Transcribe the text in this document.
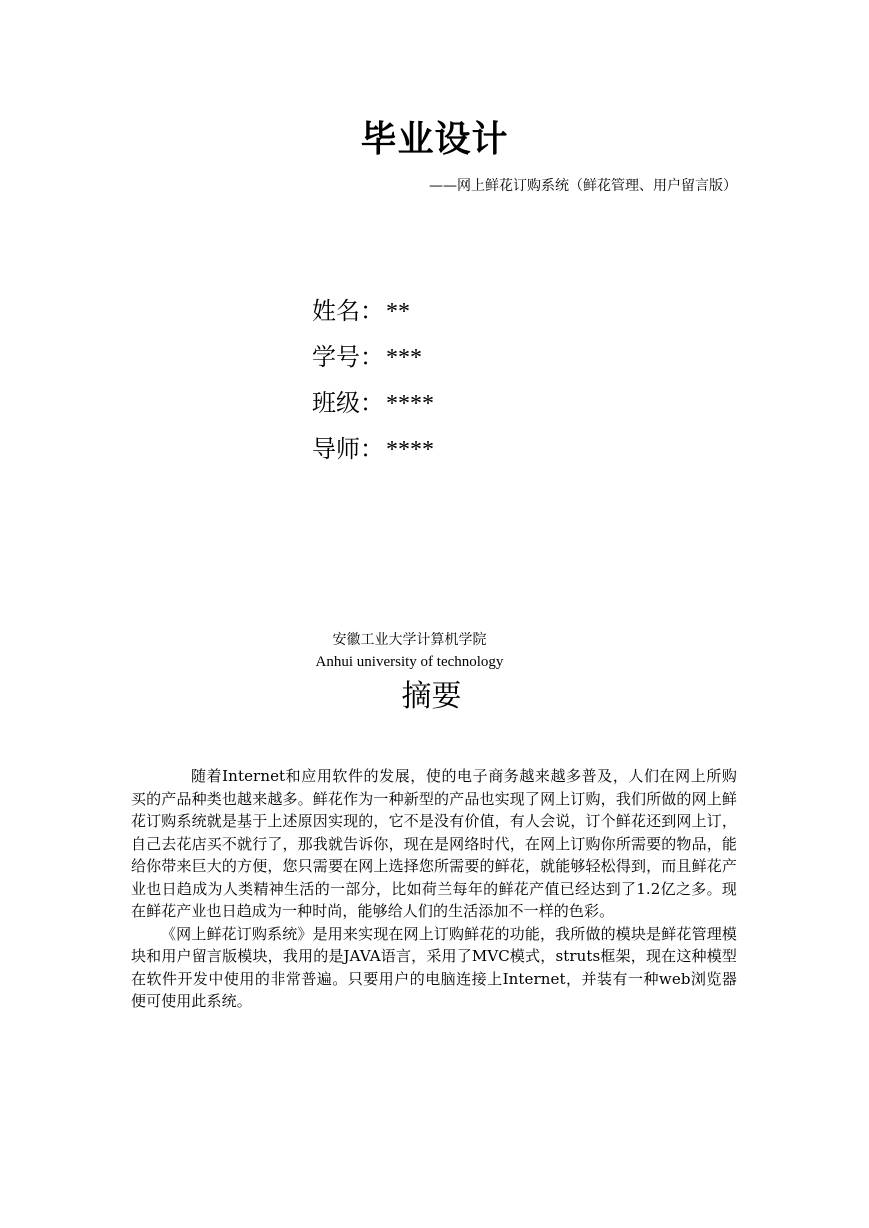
毕业设计
——网上鲜花订购系统（鲜花管理、用户留言版）
姓名：**
学号：***
班级：****
导师：****
安徽工业大学计算机学院
Anhui university of technology
摘要

随着Internet和应用软件的发展，使的电子商务越来越多普及，人们在网上所购买的产品种类也越来越多。鲜花作为一种新型的产品也实现了网上订购，我们所做的网上鲜花订购系统就是基于上述原因实现的，它不是没有价值，有人会说，订个鲜花还到网上订，自己去花店买不就行了，那我就告诉你，现在是网络时代，在网上订购你所需要的物品，能给你带来巨大的方便，您只需要在网上选择您所需要的鲜花，就能够轻松得到，而且鲜花产业也日趋成为人类精神生活的一部分，比如荷兰每年的鲜花产值已经达到了1.2亿之多。现在鲜花产业也日趋成为一种时尚，能够给人们的生活添加不一样的色彩。

《网上鲜花订购系统》是用来实现在网上订购鲜花的功能，我所做的模块是鲜花管理模块和用户留言版模块，我用的是JAVA语言，采用了MVC模式，struts框架，现在这种模型在软件开发中使用的非常普遍。只要用户的电脑连接上Internet，并装有一种web浏览器便可使用此系统。
